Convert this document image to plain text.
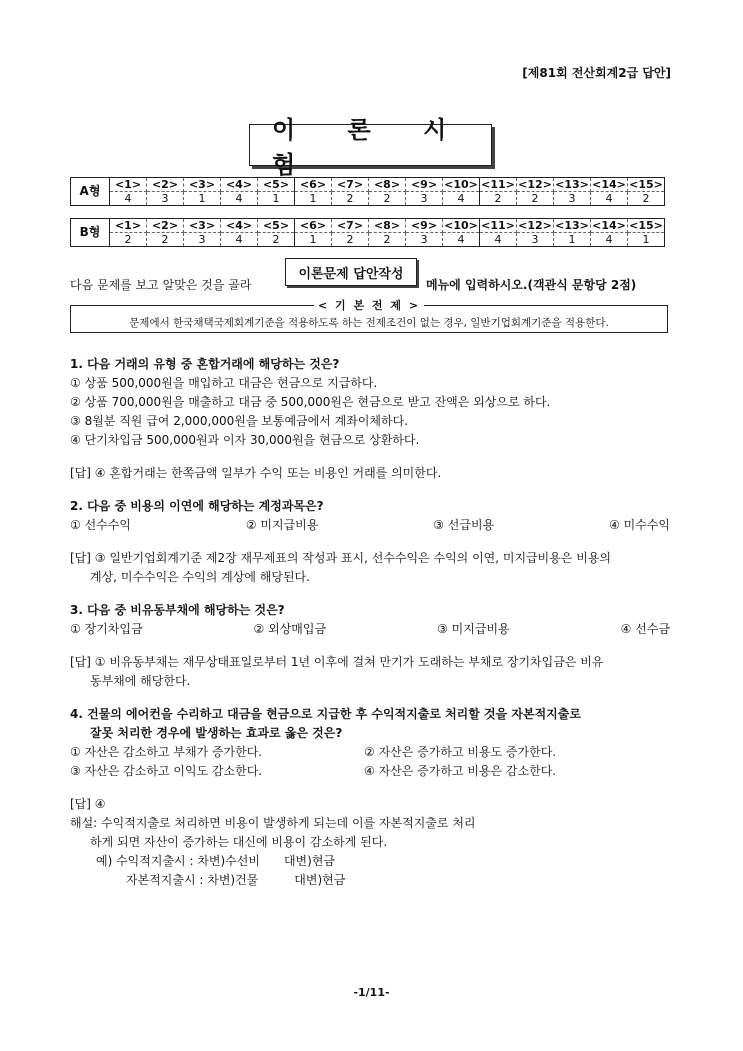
[제81회 전산회계2급 답안]
이 론 시 험
A형	<1>	<2>	<3>	<4>	<5>	<6>	<7>	<8>	<9>	<10>	<11>	<12>	<13>	<14>	<15>
	4	3	1	4	1	1	2	2	3	4	2	2	3	4	2
B형	<1>	<2>	<3>	<4>	<5>	<6>	<7>	<8>	<9>	<10>	<11>	<12>	<13>	<14>	<15>
	2	2	3	4	2	1	2	2	3	4	4	3	1	4	1
다음 문제를 보고 알맞은 것을 골라
이론문제 답안작성
메뉴에 입력하시오.(객관식 문항당 2점)
< 기 본 전 제 >
문제에서 한국채택국제회계기준을 적용하도록 하는 전제조건이 없는 경우, 일반기업회계기준을 적용한다.
1. 다음 거래의 유형 중 혼합거래에 해당하는 것은?
① 상품 500,000원을 매입하고 대금은 현금으로 지급하다.
② 상품 700,000원을 매출하고 대금 중 500,000원은 현금으로 받고 잔액은 외상으로 하다.
③ 8월분 직원 급여 2,000,000원을 보통예금에서 계좌이체하다.
④ 단기차입금 500,000원과 이자 30,000원을 현금으로 상환하다.
[답] ④ 혼합거래는 한쪽금액 일부가 수익 또는 비용인 거래를 의미한다.
2. 다음 중 비용의 이연에 해당하는 계정과목은?
① 선수수익	② 미지급비용	③ 선급비용	④ 미수수익
[답] ③ 일반기업회계기준 제2장 재무제표의 작성과 표시, 선수수익은 수익의 이연, 미지급비용은 비용의
계상, 미수수익은 수익의 계상에 해당된다.
3. 다음 중 비유동부채에 해당하는 것은?
① 장기차입금	② 외상매입금	③ 미지급비용	④ 선수금
[답] ① 비유동부채는 재무상태표일로부터 1년 이후에 걸쳐 만기가 도래하는 부채로 장기차입금은 비유
동부채에 해당한다.
4. 건물의 에어컨을 수리하고 대금을 현금으로 지급한 후 수익적지출로 처리할 것을 자본적지출로
잘못 처리한 경우에 발생하는 효과로 옳은 것은?
① 자산은 감소하고 부채가 증가한다.	② 자산은 증가하고 비용도 증가한다.
③ 자산은 감소하고 이익도 감소한다.	④ 자산은 증가하고 비용은 감소한다.
[답] ④
해설: 수익적지출로 처리하면 비용이 발생하게 되는데 이를 자본적지출로 처리
하게 되면 자산이 증가하는 대신에 비용이 감소하게 된다.
예) 수익적지출시 : 차변)수선비　　대변)현금
자본적지출시 : 차변)건물　　　대변)현금
-1/11-
